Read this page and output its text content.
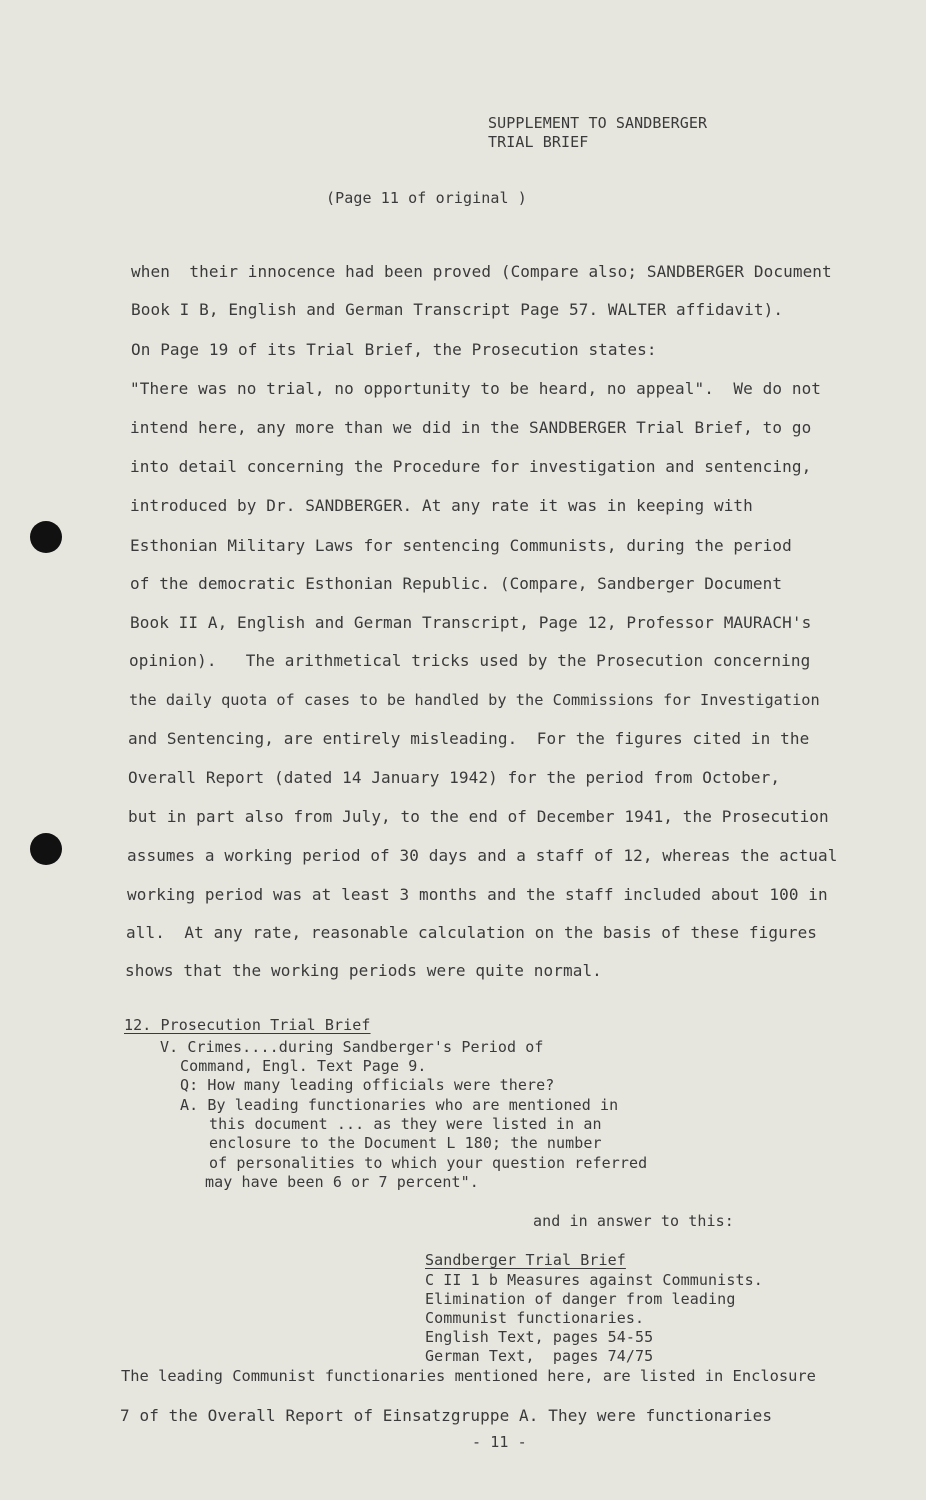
SUPPLEMENT TO SANDBERGER
TRIAL BRIEF
(Page 11 of original )
when  their innocence had been proved (Compare also; SANDBERGER Document
Book I B, English and German Transcript Page 57. WALTER affidavit).
On Page 19 of its Trial Brief, the Prosecution states:
"There was no trial, no opportunity to be heard, no appeal".  We do not
intend here, any more than we did in the SANDBERGER Trial Brief, to go
into detail concerning the Procedure for investigation and sentencing,
introduced by Dr. SANDBERGER. At any rate it was in keeping with
Esthonian Military Laws for sentencing Communists, during the period
of the democratic Esthonian Republic. (Compare, Sandberger Document
Book II A, English and German Transcript, Page 12, Professor MAURACH's
opinion).   The arithmetical tricks used by the Prosecution concerning
the daily quota of cases to be handled by the Commissions for Investigation
and Sentencing, are entirely misleading.  For the figures cited in the
Overall Report (dated 14 January 1942) for the period from October,
but in part also from July, to the end of December 1941, the Prosecution
assumes a working period of 30 days and a staff of 12, whereas the actual
working period was at least 3 months and the staff included about 100 in
all.  At any rate, reasonable calculation on the basis of these figures
shows that the working periods were quite normal.
12. Prosecution Trial Brief
V. Crimes....during Sandberger's Period of
Command, Engl. Text Page 9.
Q: How many leading officials were there?
A. By leading functionaries who are mentioned in
this document ... as they were listed in an
enclosure to the Document L 180; the number
of personalities to which your question referred
may have been 6 or 7 percent".
and in answer to this:
Sandberger Trial Brief
C II 1 b Measures against Communists.
Elimination of danger from leading
Communist functionaries.
English Text, pages 54-55
German Text,  pages 74/75
The leading Communist functionaries mentioned here, are listed in Enclosure
7 of the Overall Report of Einsatzgruppe A. They were functionaries
- 11 -
